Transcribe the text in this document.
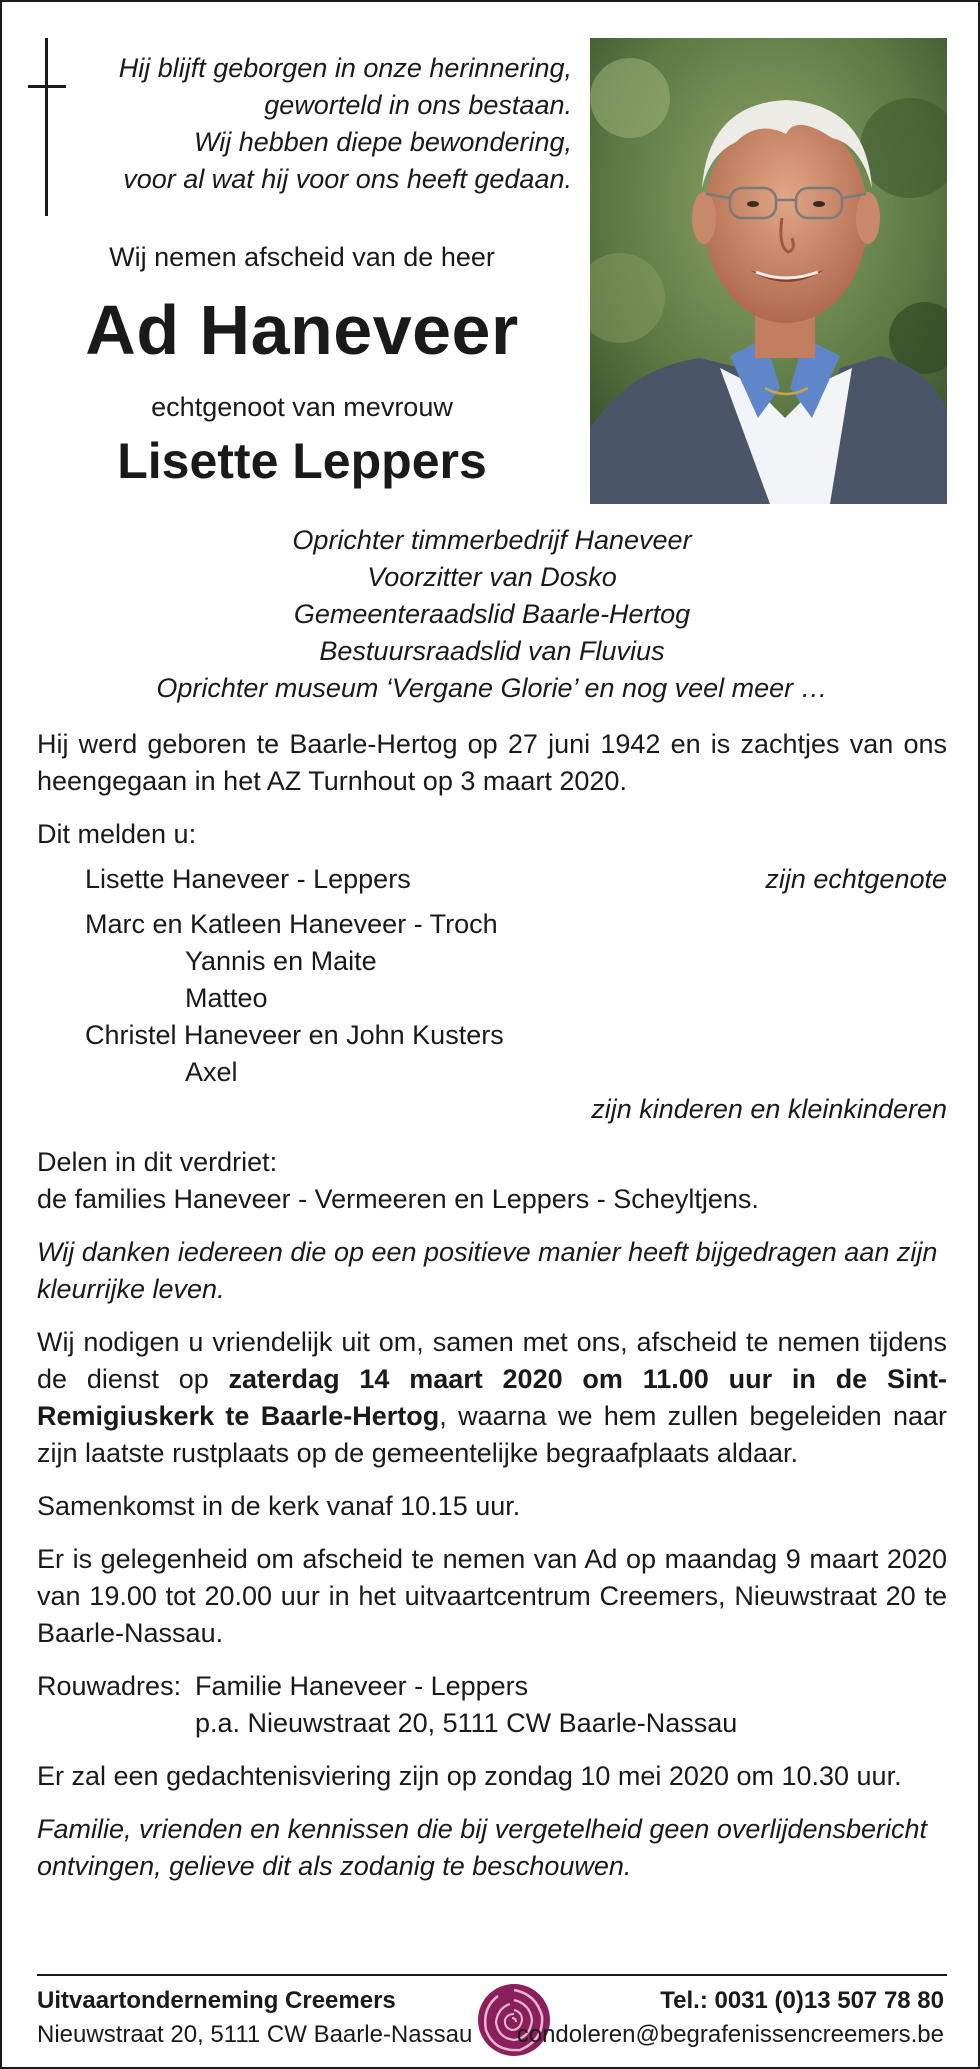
Hij blijft geborgen in onze herinnering,
geworteld in ons bestaan.
Wij hebben diepe bewondering,
voor al wat hij voor ons heeft gedaan.
Wij nemen afscheid van de heer
Ad Haneveer
echtgenoot van mevrouw
Lisette Leppers
Oprichter timmerbedrijf Haneveer
Voorzitter van Dosko
Gemeenteraadslid Baarle-Hertog
Bestuursraadslid van Fluvius
Oprichter museum ‘Vergane Glorie’ en nog veel meer …
Hij werd geboren te Baarle-Hertog op 27 juni 1942 en is zachtjes van ons heengegaan in het AZ Turnhout op 3 maart 2020.
Dit melden u:
Lisette Haneveer - Leppers	zijn echtgenote
Marc en Katleen Haneveer - Troch
Yannis en Maite
Matteo
Christel Haneveer en John Kusters
Axel
zijn kinderen en kleinkinderen
Delen in dit verdriet:
de families Haneveer - Vermeeren en Leppers - Scheyltjens.
Wij danken iedereen die op een positieve manier heeft bijgedragen aan zijn kleurrijke leven.
Wij nodigen u vriendelijk uit om, samen met ons, afscheid te nemen tijdens de dienst op zaterdag 14 maart 2020 om 11.00 uur in de Sint-Remigiuskerk te Baarle-Hertog, waarna we hem zullen begeleiden naar zijn laatste rustplaats op de gemeentelijke begraafplaats aldaar.
Samenkomst in de kerk vanaf 10.15 uur.
Er is gelegenheid om afscheid te nemen van Ad op maandag 9 maart 2020 van 19.00 tot 20.00 uur in het uitvaartcentrum Creemers, Nieuwstraat 20 te Baarle-Nassau.
Rouwadres: Familie Haneveer - Leppers
p.a. Nieuwstraat 20, 5111 CW Baarle-Nassau
Er zal een gedachtenisviering zijn op zondag 10 mei 2020 om 10.30 uur.
Familie, vrienden en kennissen die bij vergetelheid geen overlijdensbericht ontvingen, gelieve dit als zodanig te beschouwen.
Uitvaartonderneming Creemers
Nieuwstraat 20, 5111 CW Baarle-Nassau
Tel.: 0031 (0)13 507 78 80
condoleren@begrafenissencreemers.be
